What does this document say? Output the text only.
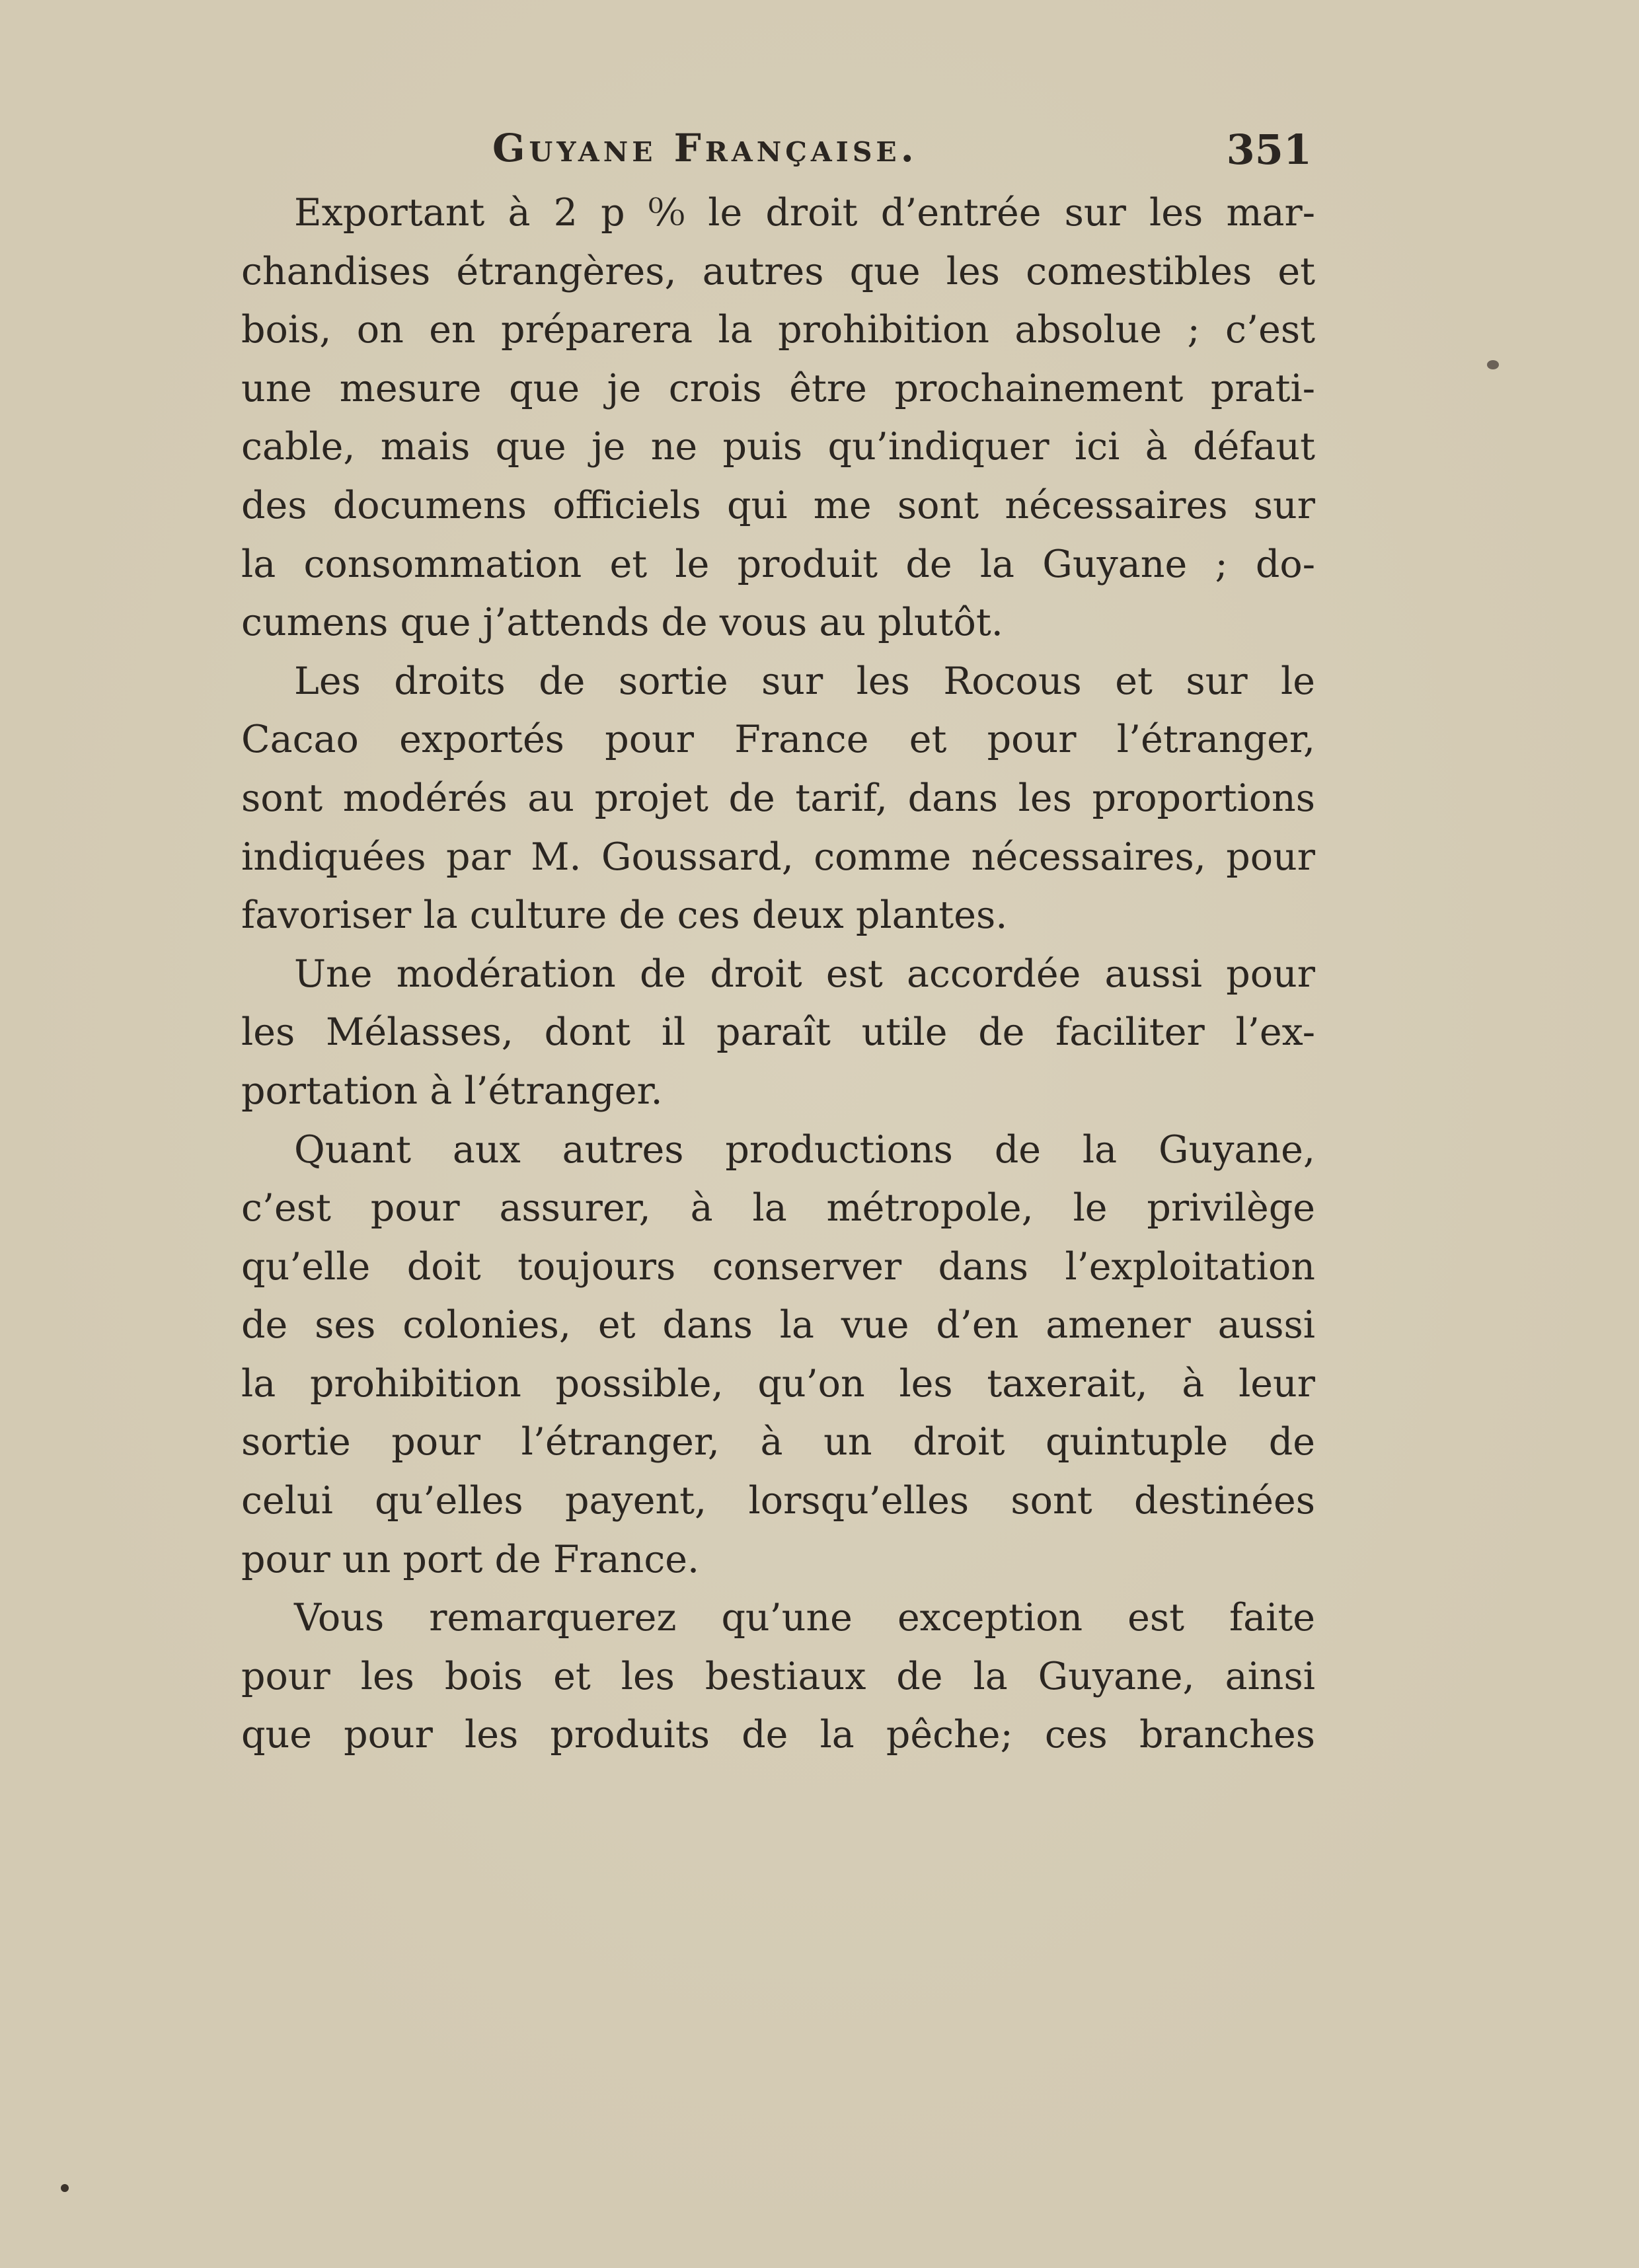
Guyane Française.	351
Exportant à 2 p ⁰⁄₀ le droit d’entrée sur les mar-
chandises étrangères, autres que les comestibles et
bois, on en préparera la prohibition absolue ; c’est
une mesure que je crois être prochainement prati-
cable, mais que je ne puis qu’indiquer ici à défaut
des documens officiels qui me sont nécessaires sur
la consommation et le produit de la Guyane ; do-
cumens que j’attends de vous au plutôt.
Les droits de sortie sur les Rocous et sur le
Cacao exportés pour France et pour l’étranger,
sont modérés au projet de tarif, dans les proportions
indiquées par M. Goussard, comme nécessaires, pour
favoriser la culture de ces deux plantes.
Une modération de droit est accordée aussi pour
les Mélasses, dont il paraît utile de faciliter l’ex-
portation à l’étranger.
Quant aux autres productions de la Guyane,
c’est pour assurer, à la métropole, le privilège
qu’elle doit toujours conserver dans l’exploitation
de ses colonies, et dans la vue d’en amener aussi
la prohibition possible, qu’on les taxerait, à leur
sortie pour l’étranger, à un droit quintuple de
celui qu’elles payent, lorsqu’elles sont destinées
pour un port de France.
Vous remarquerez qu’une exception est faite
pour les bois et les bestiaux de la Guyane, ainsi
que pour les produits de la pêche; ces branches
